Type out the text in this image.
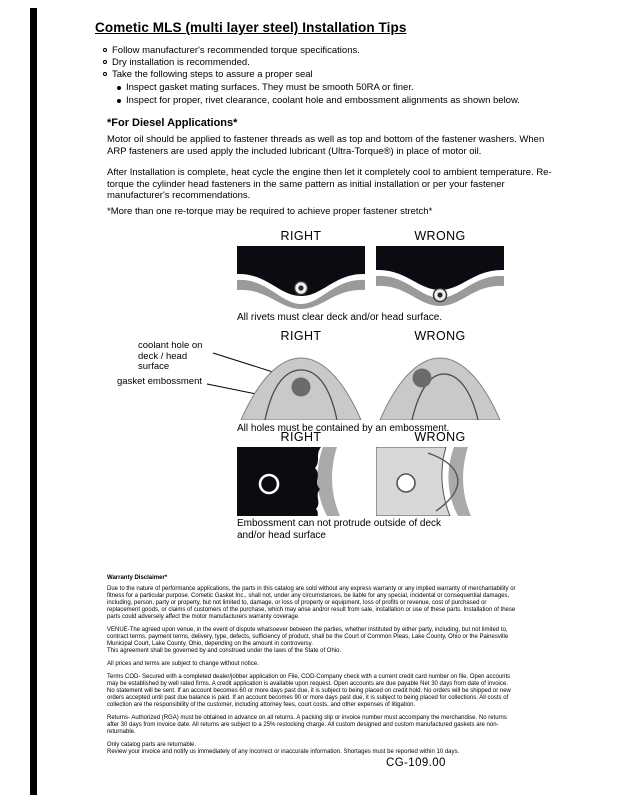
Cometic MLS (multi layer steel) Installation Tips
Follow manufacturer's recommended torque specifications.
Dry installation is recommended.
Take the following steps to assure a proper seal
Inspect gasket mating surfaces. They must be smooth 50RA or finer.
Inspect for proper, rivet clearance, coolant hole and embossment alignments as shown below.
*For Diesel Applications*

Motor oil should be applied to fastener threads as well as top and bottom of the fastener washers. When ARP fasteners are used apply the included lubricant (Ultra-Torque®) in place of motor oil.

After Installation is complete, heat cycle the engine then let it completely cool to ambient temperature. Re-torque the cylinder head fasteners in the same pattern as initial installation or per your fastener manufacturer's recommendations.

*More than one re-torque may be required to achieve proper fastener stretch*

RIGHT	WRONG
All rivets must clear deck and/or head surface.
coolant hole on deck / head surface
gasket embossment
RIGHT	WRONG
All holes must be contained by an embossment.
RIGHT	WRONG
Embossment can not protrude outside of deck and/or head surface
Warranty Disclaimer*
Due to the nature of performance applications, the parts in this catalog are sold without any express warranty or any implied warranty of merchantability or fitness for a particular purpose. Cometic Gasket Inc., shall not, under any circumstances, be liable for any special, incidental or consequential damages, including, person, party or property, but not limited to, damage, or loss of property or equipment, loss of profits or revenue, cost of purchased or replacement goods, or claims of customers of the purchase, which may arise and/or result from sale, installation or use of these parts. Installation of these parts could adversely affect the motor manufacturers warranty coverage.
VENUE-The agreed upon venue, in the event of dispute whatsoever between the parties, whether instituted by either party, including, but not limited to, contract terms, payment terms, delivery, type, defects, sufficiency of product, shall be the Court of Common Pleas, Lake County, Ohio or the Painesville Municipal Court, Lake County, Ohio, depending on the amount in controversy.
This agreement shall be governed by and construed under the laws of the State of Ohio.
All prices and terms are subject to change without notice.
Terms COD- Secured with a completed dealer/jobber application on File, COD-Company check with a current credit card number on file. Open accounts may be established by well rated firms. A credit application is available upon request. Open accounts are due payable Net 30 days from date of invoice. No statement will be sent. If an account becomes 60 or more days past due, it is subject to being placed on credit hold. No orders will be shipped or new orders accepted until past due balance is paid. If an account becomes 90 or more days past due, it is subject to being placed for collections. All costs of collection are the responsibility of the customer, including attorney fees, court costs, and other expenses of litigation.
Returns- Authorized (RGA) must be obtained in advance on all returns. A packing slip or invoice number must accompany the merchandise. No returns after 30 days from invoice date. All returns are subject to a 25% restocking charge. All custom designed and custom manufactured gaskets are non-returnable.
Only catalog parts are returnable.
Review your invoice and notify us immediately of any incorrect or inaccurate information. Shortages must be reported within 10 days.
CG-109.00
